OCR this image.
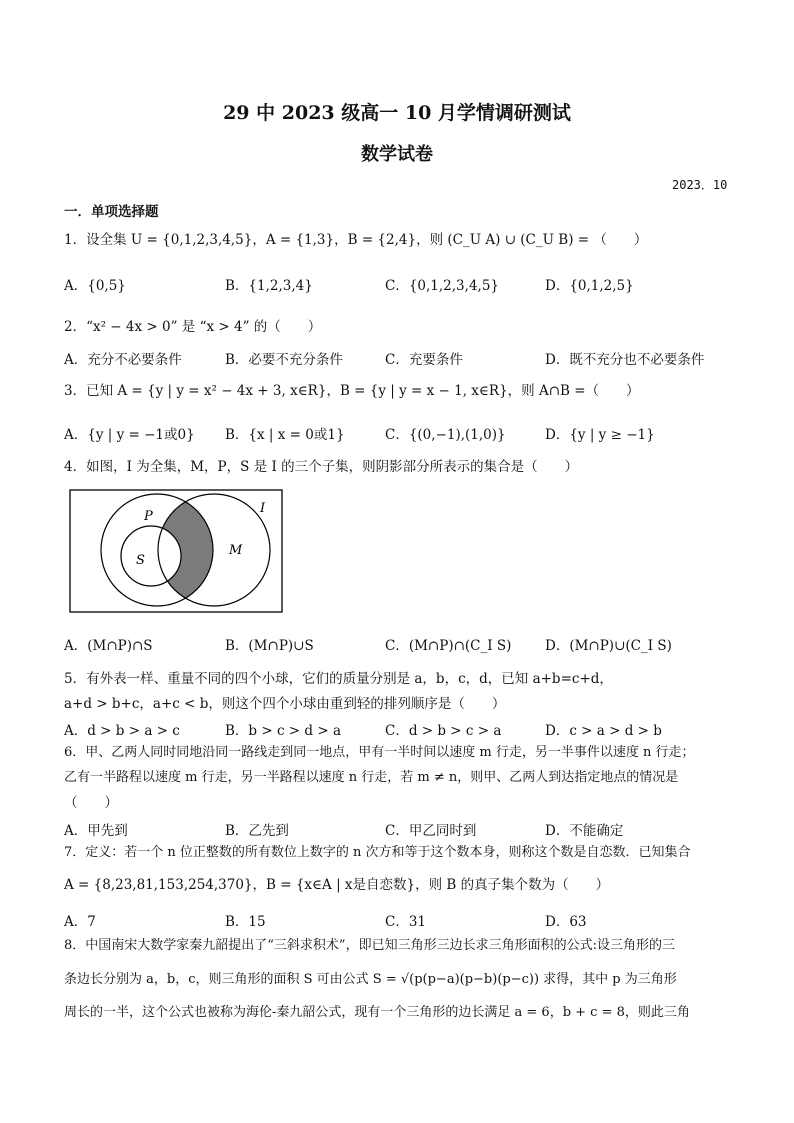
29 中 2023 级高一 10 月学情调研测试
数学试卷
2023．10
一．单项选择题
1．设全集 U = {0,1,2,3,4,5}，A = {1,3}，B = {2,4}，则 (C_U A) ∪ (C_U B) = （　　）
A．{0,5}	B．{1,2,3,4}	C．{0,1,2,3,4,5}	D．{0,1,2,5}
2．“x² − 4x > 0” 是 “x > 4” 的（　　）
A．充分不必要条件	B．必要不充分条件	C．充要条件	D．既不充分也不必要条件
3．已知 A = {y | y = x² − 4x + 3, x∈R}，B = {y | y = x − 1, x∈R}，则 A∩B =（　　）
A．{y | y = −1或0} B．{x | x = 0或1}	C．{(0,−1),(1,0)}	D．{y | y ≥ −1}
4．如图，I 为全集，M，P，S 是 I 的三个子集，则阴影部分所表示的集合是（　　）
P
S
M
I
A．(M∩P)∩S	B．(M∩P)∪S	C．(M∩P)∩(C_I S) D．(M∩P)∪(C_I S)
5．有外表一样、重量不同的四个小球，它们的质量分别是 a，b，c，d，已知 a+b=c+d，
a+d > b+c，a+c < b，则这个四个小球由重到轻的排列顺序是（　　）
A．d > b > a > c	B．b > c > d > a	C．d > b > c > a	D．c > a > d > b
6．甲、乙两人同时同地沿同一路线走到同一地点，甲有一半时间以速度 m 行走，另一半事件以速度 n 行走；
乙有一半路程以速度 m 行走，另一半路程以速度 n 行走，若 m ≠ n，则甲、乙两人到达指定地点的情况是
（　　）
A．甲先到	B．乙先到	C．甲乙同时到	D．不能确定
7．定义：若一个 n 位正整数的所有数位上数字的 n 次方和等于这个数本身，则称这个数是自恋数．已知集合
A = {8,23,81,153,254,370}，B = {x∈A | x是自恋数}，则 B 的真子集个数为（　　）
A．7	B．15	C．31	D．63
8．中国南宋大数学家秦九韶提出了“三斜求积术”，即已知三角形三边长求三角形面积的公式:设三角形的三
条边长分别为 a，b，c，则三角形的面积 S 可由公式 S = √(p(p−a)(p−b)(p−c)) 求得，其中 p 为三角形
周长的一半，这个公式也被称为海伦-秦九韶公式，现有一个三角形的边长满足 a = 6，b + c = 8，则此三角
